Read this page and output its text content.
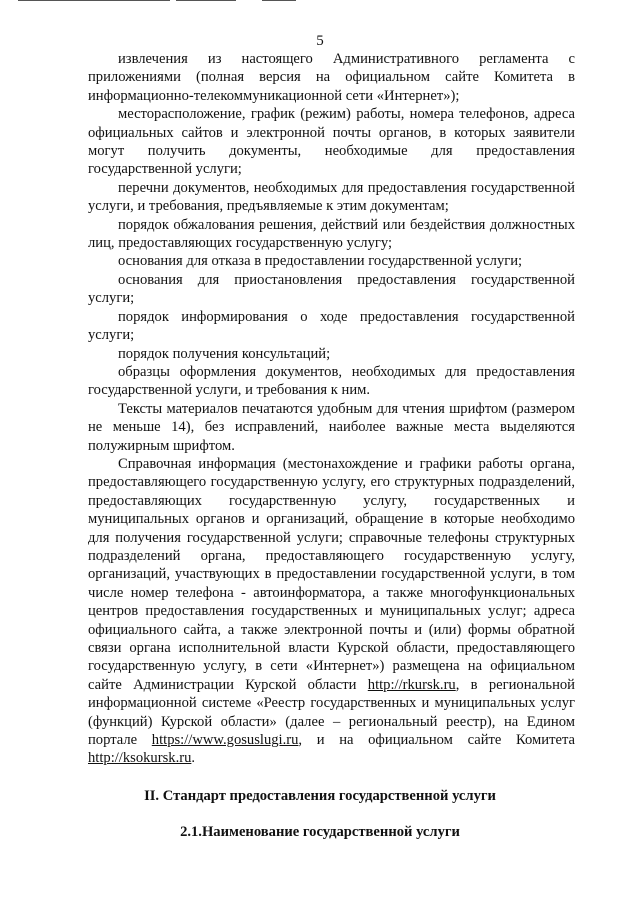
5

извлечения из настоящего Административного регламента с приложениями (полная версия на официальном сайте Комитета в информационно-телекоммуникационной сети «Интернет»);

месторасположение, график (режим) работы, номера телефонов, адреса официальных сайтов и электронной почты органов, в которых заявители могут получить документы, необходимые для предоставления государственной услуги;

перечни документов, необходимых для предоставления государственной услуги, и требования, предъявляемые к этим документам;

порядок обжалования решения, действий или бездействия должностных лиц, предоставляющих государственную услугу;

основания для отказа в предоставлении государственной услуги;

основания для приостановления предоставления государственной услуги;

порядок информирования о ходе предоставления государственной услуги;

порядок получения консультаций;

образцы оформления документов, необходимых для предоставления государственной услуги, и требования к ним.

Тексты материалов печатаются удобным для чтения шрифтом (размером не меньше 14), без исправлений, наиболее важные места выделяются полужирным шрифтом.

Справочная информация (местонахождение и графики работы органа, предоставляющего государственную услугу, его структурных подразделений, предоставляющих государственную услугу, государственных и муниципальных органов и организаций, обращение в которые необходимо для получения государственной услуги; справочные телефоны структурных подразделений органа, предоставляющего государственную услугу, организаций, участвующих в предоставлении государственной услуги, в том числе номер телефона - автоинформатора, а также многофункциональных центров предоставления государственных и муниципальных услуг; адреса официального сайта, а также электронной почты и (или) формы обратной связи органа исполнительной власти Курской области, предоставляющего государственную услугу, в сети «Интернет») размещена на официальном сайте Администрации Курской области http://rkursk.ru, в региональной информационной системе «Реестр государственных и муниципальных услуг (функций) Курской области» (далее – региональный реестр), на Едином портале https://www.gosuslugi.ru, и на официальном сайте Комитета http://ksokursk.ru.

II. Стандарт предоставления государственной услуги
2.1.Наименование государственной услуги
